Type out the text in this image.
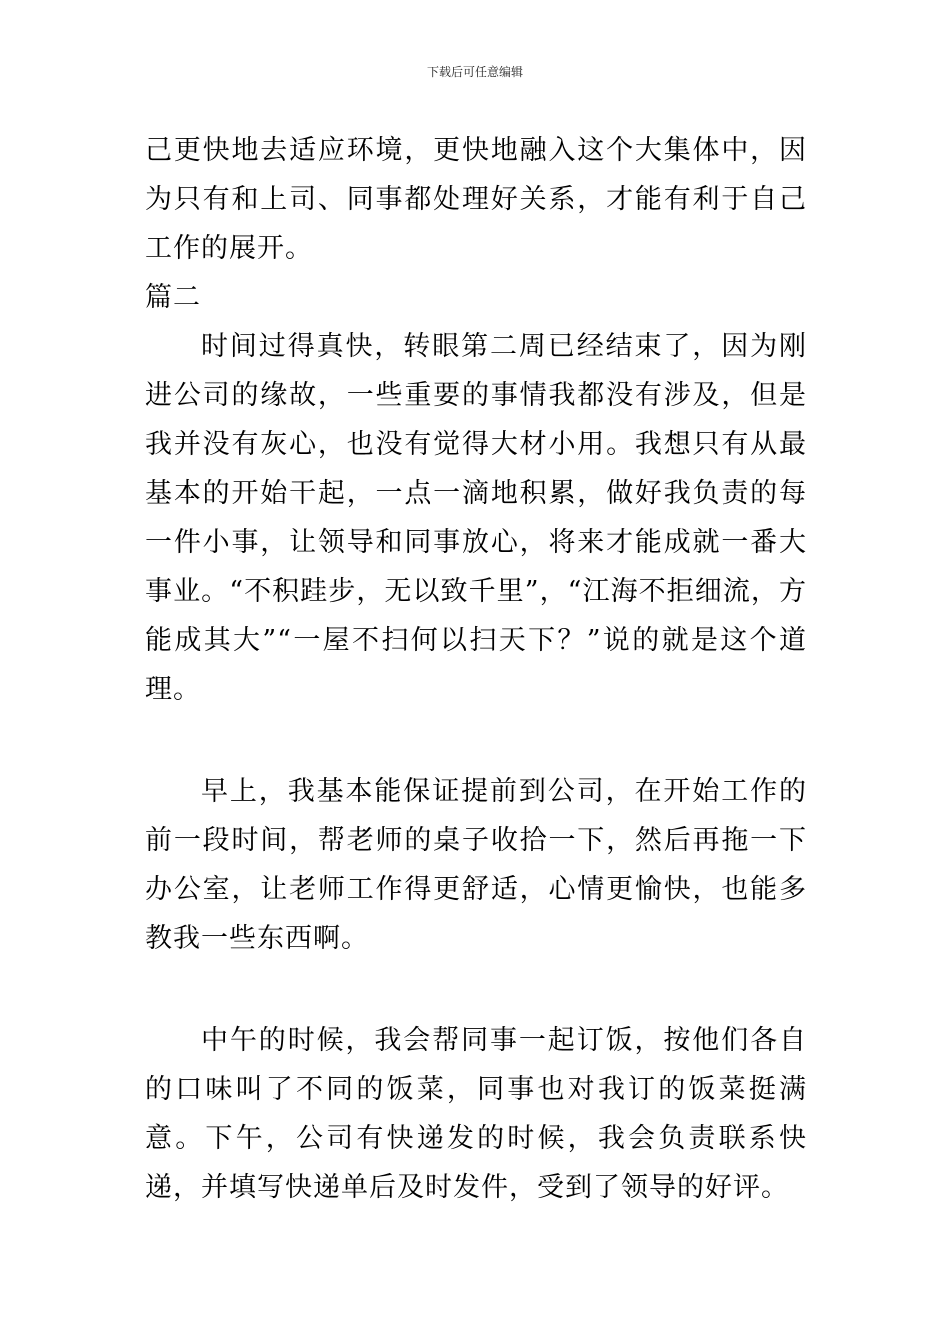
下载后可任意编辑

己更快地去适应环境，更快地融入这个大集体中，因为只有和上司、同事都处理好关系，才能有利于自己工作的展开。

篇二

时间过得真快，转眼第二周已经结束了，因为刚进公司的缘故，一些重要的事情我都没有涉及，但是我并没有灰心，也没有觉得大材小用。我想只有从最基本的开始干起，一点一滴地积累，做好我负责的每一件小事，让领导和同事放心，将来才能成就一番大事业。“不积跬步，无以致千里”，“江海不拒细流，方能成其大”“一屋不扫何以扫天下？”说的就是这个道理。

早上，我基本能保证提前到公司，在开始工作的前一段时间，帮老师的桌子收拾一下，然后再拖一下办公室，让老师工作得更舒适，心情更愉快，也能多教我一些东西啊。

中午的时候，我会帮同事一起订饭，按他们各自的口味叫了不同的饭菜，同事也对我订的饭菜挺满意。下午，公司有快递发的时候，我会负责联系快递，并填写快递单后及时发件，受到了领导的好评。
